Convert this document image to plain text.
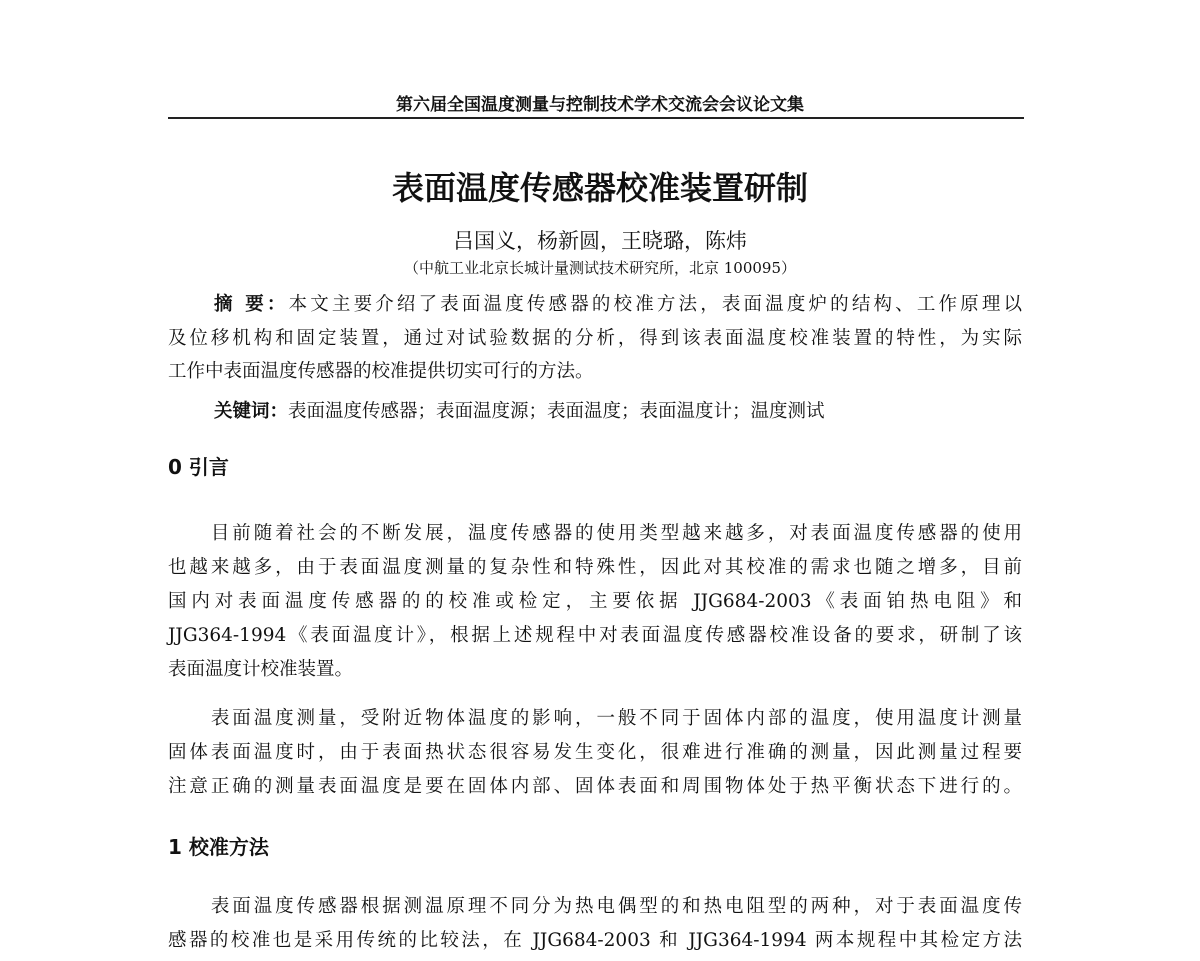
第六届全国温度测量与控制技术学术交流会会议论文集
表面温度传感器校准装置研制
吕国义，杨新圆，王晓璐，陈炜
（中航工业北京长城计量测试技术研究所，北京 100095）
摘 要：本文主要介绍了表面温度传感器的校准方法，表面温度炉的结构、工作原理以
及位移机构和固定装置，通过对试验数据的分析，得到该表面温度校准装置的特性，为实际
工作中表面温度传感器的校准提供切实可行的方法。
关键词：表面温度传感器；表面温度源；表面温度；表面温度计；温度测试
0 引言
　　目前随着社会的不断发展，温度传感器的使用类型越来越多，对表面温度传感器的使用
也越来越多，由于表面温度测量的复杂性和特殊性，因此对其校准的需求也随之增多，目前
国内对表面温度传感器的的校准或检定，主要依据 JJG684-2003《表面铂热电阻》和
JJG364-1994《表面温度计》，根据上述规程中对表面温度传感器校准设备的要求，研制了该
表面温度计校准装置。
　　表面温度测量，受附近物体温度的影响，一般不同于固体内部的温度，使用温度计测量
固体表面温度时，由于表面热状态很容易发生变化，很难进行准确的测量，因此测量过程要
注意正确的测量表面温度是要在固体内部、固体表面和周围物体处于热平衡状态下进行的。
1 校准方法
　　表面温度传感器根据测温原理不同分为热电偶型的和热电阻型的两种，对于表面温度传
感器的校准也是采用传统的比较法，在 JJG684-2003 和 JJG364-1994 两本规程中其检定方法
